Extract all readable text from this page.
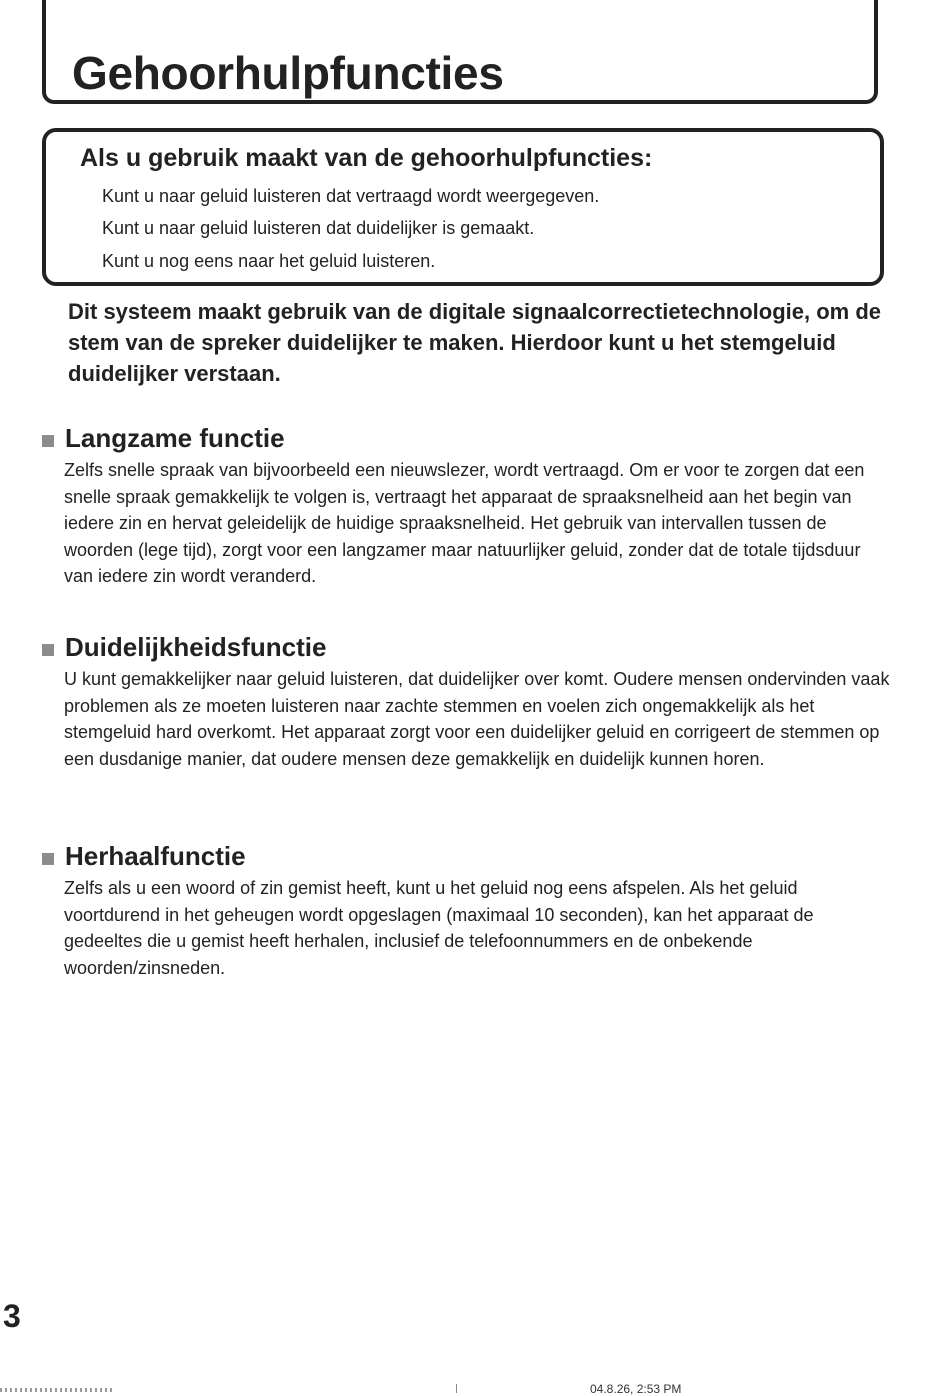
Gehoorhulpfuncties
Als u gebruik maakt van de gehoorhulpfuncties:
Kunt u naar geluid luisteren dat vertraagd wordt weergegeven.
Kunt u naar geluid luisteren dat duidelijker is gemaakt.
Kunt u nog eens naar het geluid luisteren.

Dit systeem maakt gebruik van de digitale signaalcorrectietechnologie, om de stem van de spreker duidelijker te maken. Hierdoor kunt u het stemgeluid duidelijker verstaan.

Langzame functie

Zelfs snelle spraak van bijvoorbeeld een nieuwslezer, wordt vertraagd. Om er voor te zorgen dat een snelle spraak gemakkelijk te volgen is, vertraagt het apparaat de spraaksnelheid aan het begin van iedere zin en hervat geleidelijk de huidige spraaksnelheid. Het gebruik van intervallen tussen de woorden (lege tijd), zorgt voor een langzamer maar natuurlijker geluid, zonder dat de totale tijdsduur van iedere zin wordt veranderd.

Duidelijkheidsfunctie

U kunt gemakkelijker naar geluid luisteren, dat duidelijker over komt. Oudere mensen ondervinden vaak problemen als ze moeten luisteren naar zachte stemmen en voelen zich ongemakkelijk als het stemgeluid hard overkomt. Het apparaat zorgt voor een duidelijker geluid en corrigeert de stemmen op een dusdanige manier, dat oudere mensen deze gemakkelijk en duidelijk kunnen horen.

Herhaalfunctie

Zelfs als u een woord of zin gemist heeft, kunt u het geluid nog eens afspelen. Als het geluid voortdurend in het geheugen wordt opgeslagen (maximaal 10 seconden), kan het apparaat de gedeeltes die u gemist heeft herhalen, inclusief de telefoonnummers en de onbekende woorden/zinsneden.

3
04.8.26, 2:53 PM
